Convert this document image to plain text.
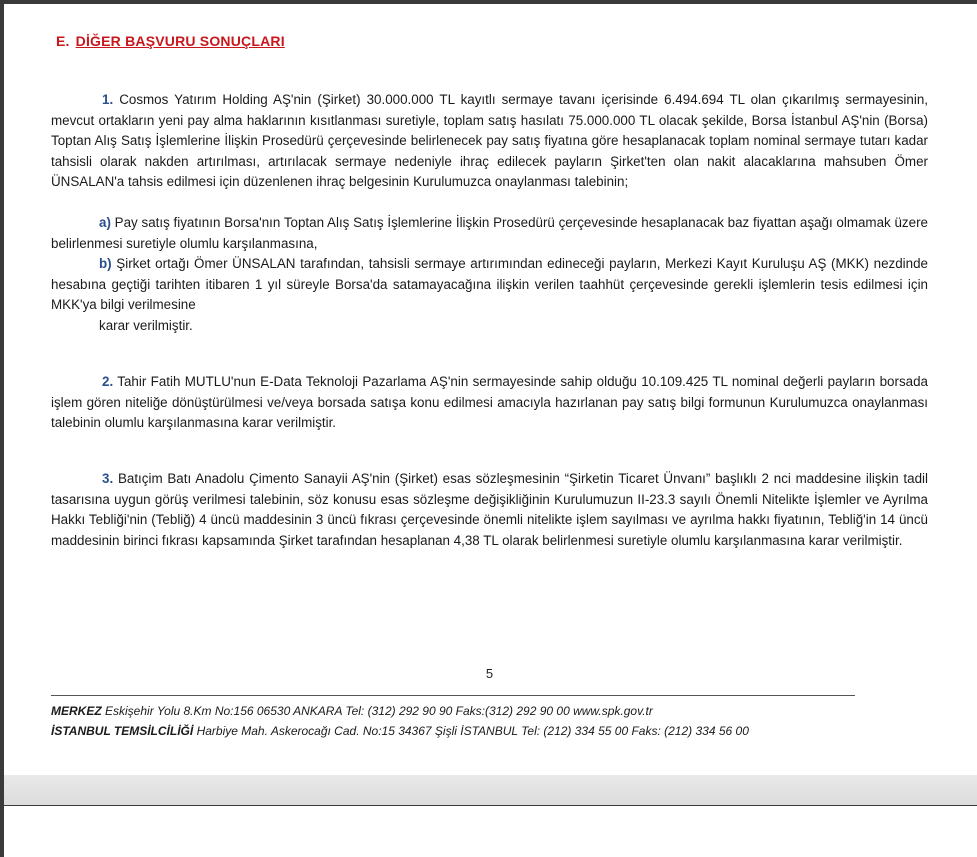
E. DİĞER BAŞVURU SONUÇLARI
1. Cosmos Yatırım Holding AŞ'nin (Şirket) 30.000.000 TL kayıtlı sermaye tavanı içerisinde 6.494.694 TL olan çıkarılmış sermayesinin, mevcut ortakların yeni pay alma haklarının kısıtlanması suretiyle, toplam satış hasılatı 75.000.000 TL olacak şekilde, Borsa İstanbul AŞ'nin (Borsa) Toptan Alış Satış İşlemlerine İlişkin Prosedürü çerçevesinde belirlenecek pay satış fiyatına göre hesaplanacak toplam nominal sermaye tutarı kadar tahsisli olarak nakden artırılması, artırılacak sermaye nedeniyle ihraç edilecek payların Şirket'ten olan nakit alacaklarına mahsuben Ömer ÜNSALAN'a tahsis edilmesi için düzenlenen ihraç belgesinin Kurulumuzca onaylanması talebinin;
a) Pay satış fiyatının Borsa'nın Toptan Alış Satış İşlemlerine İlişkin Prosedürü çerçevesinde hesaplanacak baz fiyattan aşağı olmamak üzere belirlenmesi suretiyle olumlu karşılanmasına,
b) Şirket ortağı Ömer ÜNSALAN tarafından, tahsisli sermaye artırımından edineceği payların, Merkezi Kayıt Kuruluşu AŞ (MKK) nezdinde hesabına geçtiği tarihten itibaren 1 yıl süreyle Borsa'da satamayacağına ilişkin verilen taahhüt çerçevesinde gerekli işlemlerin tesis edilmesi için MKK'ya bilgi verilmesine
karar verilmiştir.
2. Tahir Fatih MUTLU'nun E-Data Teknoloji Pazarlama AŞ'nin sermayesinde sahip olduğu 10.109.425 TL nominal değerli payların borsada işlem gören niteliğe dönüştürülmesi ve/veya borsada satışa konu edilmesi amacıyla hazırlanan pay satış bilgi formunun Kurulumuzca onaylanması talebinin olumlu karşılanmasına karar verilmiştir.
3. Batıçim Batı Anadolu Çimento Sanayii AŞ'nin (Şirket) esas sözleşmesinin “Şirketin Ticaret Ünvanı” başlıklı 2 nci maddesine ilişkin tadil tasarısına uygun görüş verilmesi talebinin, söz konusu esas sözleşme değişikliğinin Kurulumuzun II-23.3 sayılı Önemli Nitelikte İşlemler ve Ayrılma Hakkı Tebliği'nin (Tebliğ) 4 üncü maddesinin 3 üncü fıkrası çerçevesinde önemli nitelikte işlem sayılması ve ayrılma hakkı fiyatının, Tebliğ'in 14 üncü maddesinin birinci fıkrası kapsamında Şirket tarafından hesaplanan 4,38 TL olarak belirlenmesi suretiyle olumlu karşılanmasına karar verilmiştir.
5
MERKEZ Eskişehir Yolu 8.Km No:156 06530 ANKARA Tel: (312) 292 90 90 Faks:(312) 292 90 00 www.spk.gov.tr
İSTANBUL TEMSİLCİLİĞİ Harbiye Mah. Askerocağı Cad. No:15 34367 Şişli İSTANBUL Tel: (212) 334 55 00 Faks: (212) 334 56 00
